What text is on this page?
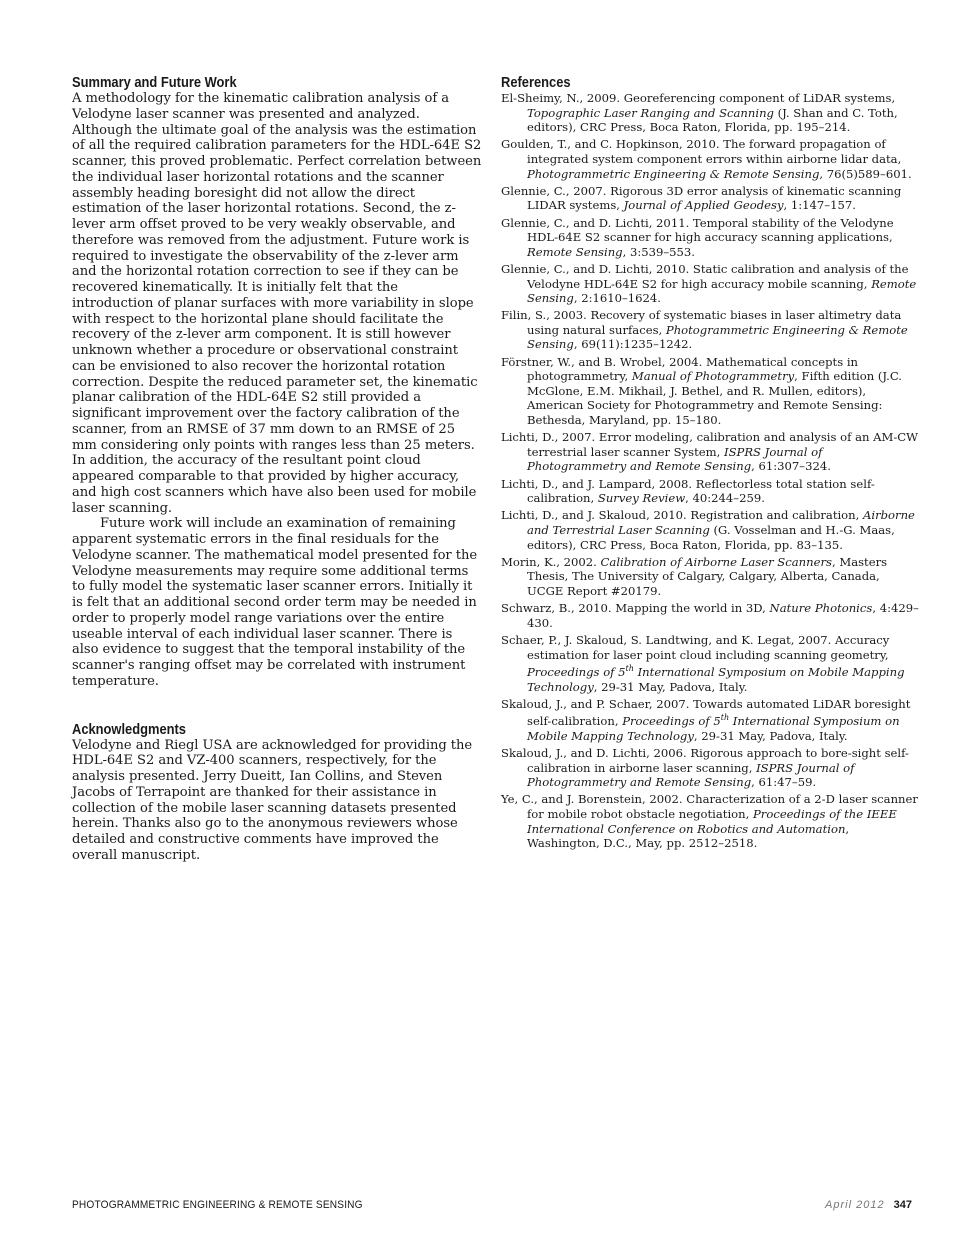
Summary and Future Work

A methodology for the kinematic calibration analysis of a Velodyne laser scanner was presented and analyzed. Although the ultimate goal of the analysis was the estimation of all the required calibration parameters for the HDL-64E S2 scanner, this proved problematic. Perfect correlation between the individual laser horizontal rotations and the scanner assembly heading boresight did not allow the direct estimation of the laser horizontal rotations. Second, the z-lever arm offset proved to be very weakly observable, and therefore was removed from the adjustment. Future work is required to investigate the observability of the z-lever arm and the horizontal rotation correction to see if they can be recovered kinematically. It is initially felt that the introduction of planar surfaces with more variability in slope with respect to the horizontal plane should facilitate the recovery of the z-lever arm component. It is still however unknown whether a procedure or observational constraint can be envisioned to also recover the horizontal rotation correction. Despite the reduced parameter set, the kinematic planar calibration of the HDL-64E S2 still provided a significant improvement over the factory calibration of the scanner, from an RMSE of 37 mm down to an RMSE of 25 mm considering only points with ranges less than 25 meters. In addition, the accuracy of the resultant point cloud appeared comparable to that provided by higher accuracy, and high cost scanners which have also been used for mobile laser scanning.

Future work will include an examination of remaining apparent systematic errors in the final residuals for the Velodyne scanner. The mathematical model presented for the Velodyne measurements may require some additional terms to fully model the systematic laser scanner errors. Initially it is felt that an additional second order term may be needed in order to properly model range variations over the entire useable interval of each individual laser scanner. There is also evidence to suggest that the temporal instability of the scanner's ranging offset may be correlated with instrument temperature.

Acknowledgments

Velodyne and Riegl USA are acknowledged for providing the HDL-64E S2 and VZ-400 scanners, respectively, for the analysis presented. Jerry Dueitt, Ian Collins, and Steven Jacobs of Terrapoint are thanked for their assistance in collection of the mobile laser scanning datasets presented herein. Thanks also go to the anonymous reviewers whose detailed and constructive comments have improved the overall manuscript.

References
El-Sheimy, N., 2009. Georeferencing component of LiDAR systems, Topographic Laser Ranging and Scanning (J. Shan and C. Toth, editors), CRC Press, Boca Raton, Florida, pp. 195–214.
Goulden, T., and C. Hopkinson, 2010. The forward propagation of integrated system component errors within airborne lidar data, Photogrammetric Engineering & Remote Sensing, 76(5)589–601.
Glennie, C., 2007. Rigorous 3D error analysis of kinematic scanning LIDAR systems, Journal of Applied Geodesy, 1:147–157.
Glennie, C., and D. Lichti, 2011. Temporal stability of the Velodyne HDL-64E S2 scanner for high accuracy scanning applications, Remote Sensing, 3:539–553.
Glennie, C., and D. Lichti, 2010. Static calibration and analysis of the Velodyne HDL-64E S2 for high accuracy mobile scanning, Remote Sensing, 2:1610–1624.
Filin, S., 2003. Recovery of systematic biases in laser altimetry data using natural surfaces, Photogrammetric Engineering & Remote Sensing, 69(11):1235–1242.
Förstner, W., and B. Wrobel, 2004. Mathematical concepts in photogrammetry, Manual of Photogrammetry, Fifth edition (J.C. McGlone, E.M. Mikhail, J. Bethel, and R. Mullen, editors), American Society for Photogrammetry and Remote Sensing: Bethesda, Maryland, pp. 15–180.
Lichti, D., 2007. Error modeling, calibration and analysis of an AM-CW terrestrial laser scanner System, ISPRS Journal of Photogrammetry and Remote Sensing, 61:307–324.
Lichti, D., and J. Lampard, 2008. Reflectorless total station self-calibration, Survey Review, 40:244–259.
Lichti, D., and J. Skaloud, 2010. Registration and calibration, Airborne and Terrestrial Laser Scanning (G. Vosselman and H.-G. Maas, editors), CRC Press, Boca Raton, Florida, pp. 83–135.
Morin, K., 2002. Calibration of Airborne Laser Scanners, Masters Thesis, The University of Calgary, Calgary, Alberta, Canada, UCGE Report #20179.
Schwarz, B., 2010. Mapping the world in 3D, Nature Photonics, 4:429–430.
Schaer, P., J. Skaloud, S. Landtwing, and K. Legat, 2007. Accuracy estimation for laser point cloud including scanning geometry, Proceedings of 5th International Symposium on Mobile Mapping Technology, 29-31 May, Padova, Italy.
Skaloud, J., and P. Schaer, 2007. Towards automated LiDAR boresight self-calibration, Proceedings of 5th International Symposium on Mobile Mapping Technology, 29-31 May, Padova, Italy.
Skaloud, J., and D. Lichti, 2006. Rigorous approach to bore-sight self-calibration in airborne laser scanning, ISPRS Journal of Photogrammetry and Remote Sensing, 61:47–59.
Ye, C., and J. Borenstein, 2002. Characterization of a 2-D laser scanner for mobile robot obstacle negotiation, Proceedings of the IEEE International Conference on Robotics and Automation, Washington, D.C., May, pp. 2512–2518.
PHOTOGRAMMETRIC ENGINEERING & REMOTE SENSING	April 2012 347
